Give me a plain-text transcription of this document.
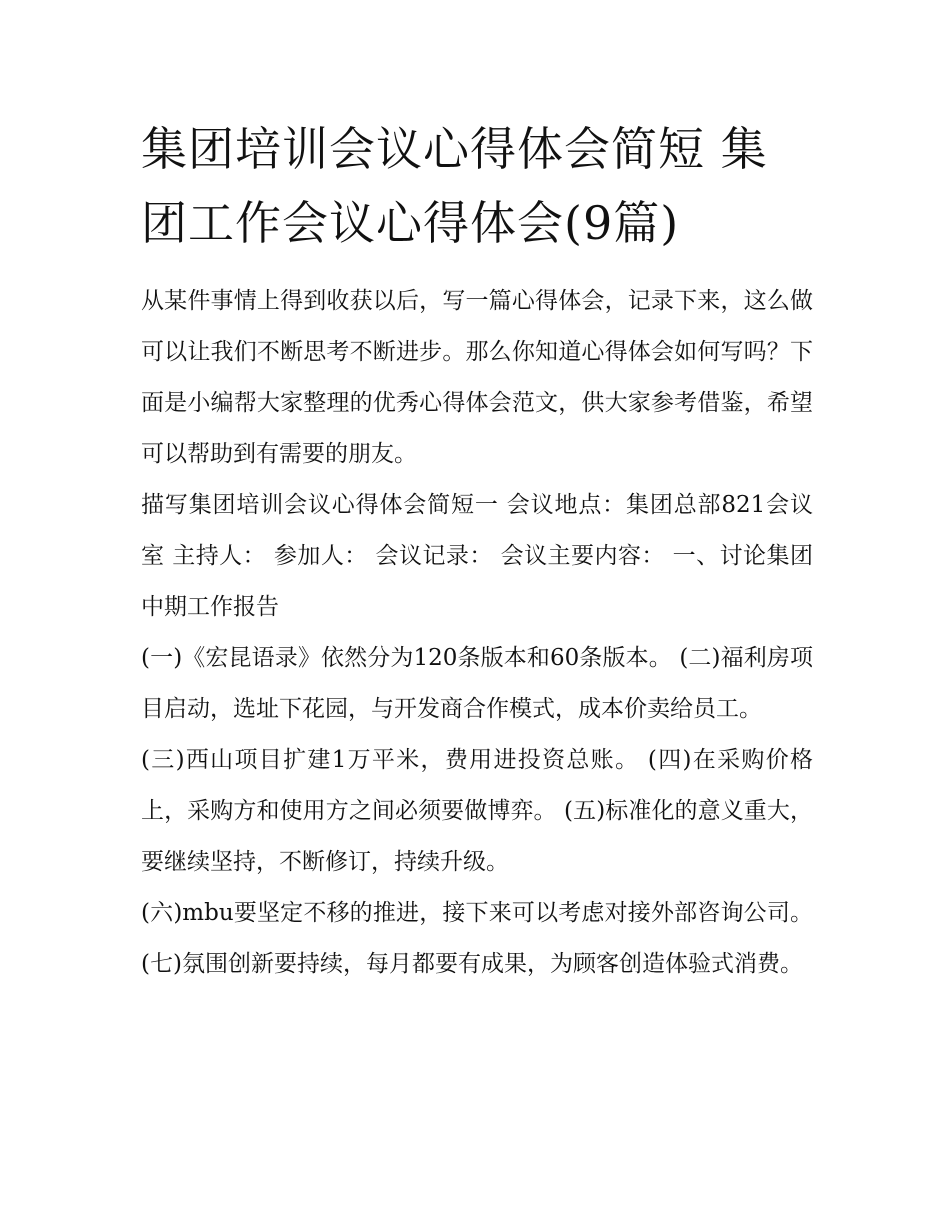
集团培训会议心得体会简短 集团工作会议心得体会(9篇)

从某件事情上得到收获以后，写一篇心得体会，记录下来，这么做可以让我们不断思考不断进步。那么你知道心得体会如何写吗？下面是小编帮大家整理的优秀心得体会范文，供大家参考借鉴，希望可以帮助到有需要的朋友。

描写集团培训会议心得体会简短一 会议地点：集团总部821会议室 主持人： 参加人： 会议记录： 会议主要内容： 一、讨论集团中期工作报告

(一)《宏昆语录》依然分为120条版本和60条版本。 (二)福利房项目启动，选址下花园，与开发商合作模式，成本价卖给员工。

(三)西山项目扩建1万平米，费用进投资总账。 (四)在采购价格上，采购方和使用方之间必须要做博弈。 (五)标准化的意义重大，要继续坚持，不断修订，持续升级。

(六)mbu要坚定不移的推进，接下来可以考虑对接外部咨询公司。 (七)氛围创新要持续，每月都要有成果，为顾客创造体验式消费。
